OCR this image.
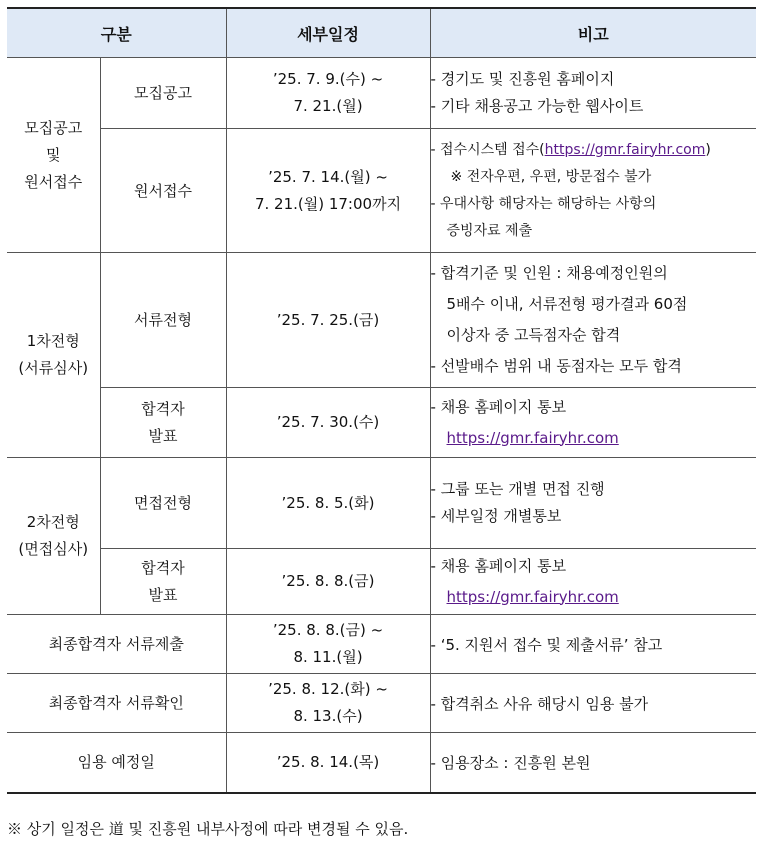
구분		세부일정	비고

모집공고
및
원서접수	모집공고	’25. 7. 9.(수) ~
7. 21.(월)	- 경기도 및 진흥원 홈페이지
- 기타 채용공고 가능한 웹사이트

	원서접수	’25. 7. 14.(월) ~
7. 21.(월) 17:00까지	- 접수시스템 접수(https://gmr.fairyhr.com)
※ 전자우편, 우편, 방문접수 불가
- 우대사항 해당자는 해당하는 사항의
증빙자료 제출

1차전형
(서류심사)	서류전형	’25. 7. 25.(금)	- 합격기준 및 인원 : 채용예정인원의
5배수 이내, 서류전형 평가결과 60점
이상자 중 고득점자순 합격
- 선발배수 범위 내 동점자는 모두 합격

	합격자
발표	’25. 7. 30.(수)	- 채용 홈페이지 통보
https://gmr.fairyhr.com

2차전형
(면접심사)	면접전형	’25. 8. 5.(화)	- 그룹 또는 개별 면접 진행
- 세부일정 개별통보

	합격자
발표	’25. 8. 8.(금)	- 채용 홈페이지 통보
https://gmr.fairyhr.com

최종합격자 서류제출		’25. 8. 8.(금) ~
8. 11.(월)	- ‘5. 지원서 접수 및 제출서류’ 참고
최종합격자 서류확인		’25. 8. 12.(화) ~
8. 13.(수)	- 합격취소 사유 해당시 임용 불가
임용 예정일		’25. 8. 14.(목)	- 임용장소 : 진흥원 본원
※ 상기 일정은 道 및 진흥원 내부사정에 따라 변경될 수 있음.
